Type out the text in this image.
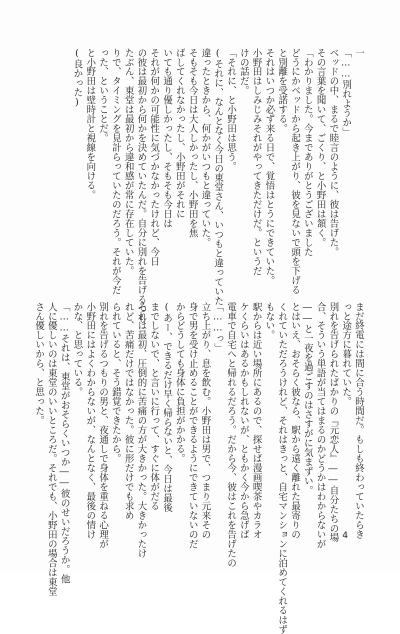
一
「……別れようか」
ベッドの中、まるで睦言のように、彼は告げた。
その言葉を聞いて、ごくり、と小野田は頷く。
「わかりました。今までありがとうございました
どうにかベッドから起き上がり、彼を見ないで頭を下げる
と別離を受諾する。
それはいつか必ず来る日で、覚悟はとうにできていた。
小野田はしみじみそれがやってきただけだ。というだ
けの話だ。
「それに、と小野田は思う。
(それに、なんとなく今日の東堂さん、いつもと違っていた
違ったときから、何かがいつもと違っていた。
そもそも今日は大人しかったし、小野田を焦
ばしてくれなかったし、小野田がそれに
いても通り優しかったし、そもそも今日は
それが何かの可能性に気づかなかったけれど、今日
の彼は最初から何かを決めていたんだ。自分に別れを告げるつも
たぶん、東堂は最初から違和感が常に存在していた。
りで、タイミングを見計らっていたのだろう。それが今だ
った、ということだ。
と小野田は壁時計と視線を向ける。
(良かった)
まだ終電には間に合う時間だ。もしも終わっていたらき
っと途方に暮れていた。
別れを告げられたばかりの『元恋人』――自分たちの場
合、そういう単語が当てはまるのかどうかはわからないが
――と一夜を過ごすのはさすがに気まずい。
とはいえ、おそらく彼なら、駅から遠く離れた最寄りの
くれていただろうけれど、それはきっと、自宅マンションに泊めてくれるはず
もない。
駅からは近い場所にあるので、探せば漫画喫茶やカラオ
ケくらいはあるかもしれないが、ともかく今から急げば
電車で自宅へと帰れるだろう。だから今、彼はこれを告げたの
「……っ」
立ち上がり、息を飲む。小野田は男で、つまり元来その
身で男を受け止めることができるようにできていないのだ
からどうしても身体に負担がかかる。
(あー、できるだけ早く帰らないと、今日は最後
までしないで、と言いに行って、すぐに体がだる
それは最初、圧倒的に苦痛の方が大きかった。大きかったけ
れど、苦痛だけではなかった。彼に形だけでも求め
られていると、そう錯覚できたから。
別れを告げるつもりの男と、夜通しで身体を重ねる心理が
小野田にはよくわからないが、なんとなく、最後の情け
かな、と思っている。
「……それは、東堂がおそらくいつか――彼のせいだろうか。他
人に優しいのは東堂のいいところだ。それでも、小野田の場合は東堂
さん優しいから、と思った。
4
